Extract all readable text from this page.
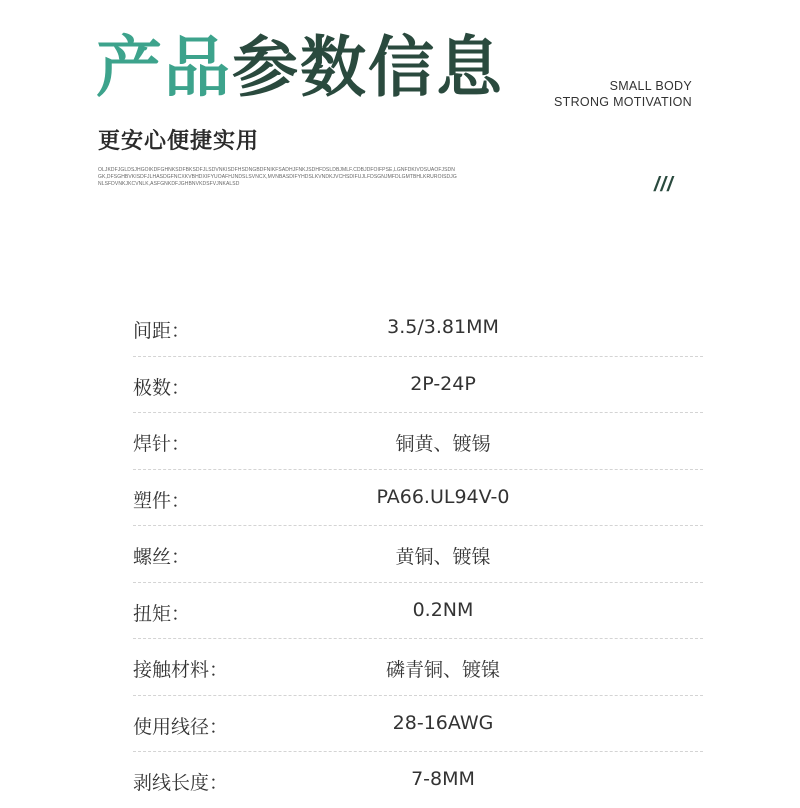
产品参数信息	SMALL BODY
STRONG MOTIVATION
更安心便捷实用
OLJKDFJGLDSJHGOIKDFGHNKSDFBKSDFJLSDVNKISDFHSDNGBDFNIKFSADHJFNKJSDHFDSLDBJMLF.CDBJDFOIFPSE,LGNFDKIVOSUAOFJSDNGK,DFSGHBVKISDFJLHASDGFNCXKVBHDXIFYUOAFHJNDSLSVNCX,MVNBASDIFYHDSLKVNDKJVCHSDIFUJLFDSGNJMFDLGMTBHLKRUROISDJGNLSFDVNKJKCVNLK,ASFGNKDFJGHBNVKDSFVJNKALSD	///
间距：	3.5/3.81MM
极数：	2P-24P
焊针：	铜黄、镀锡
塑件：	PA66.UL94V-0
螺丝：	黄铜、镀镍
扭矩：	0.2NM
接触材料：	磷青铜、镀镍
使用线径：	28-16AWG
剥线长度：	7-8MM
